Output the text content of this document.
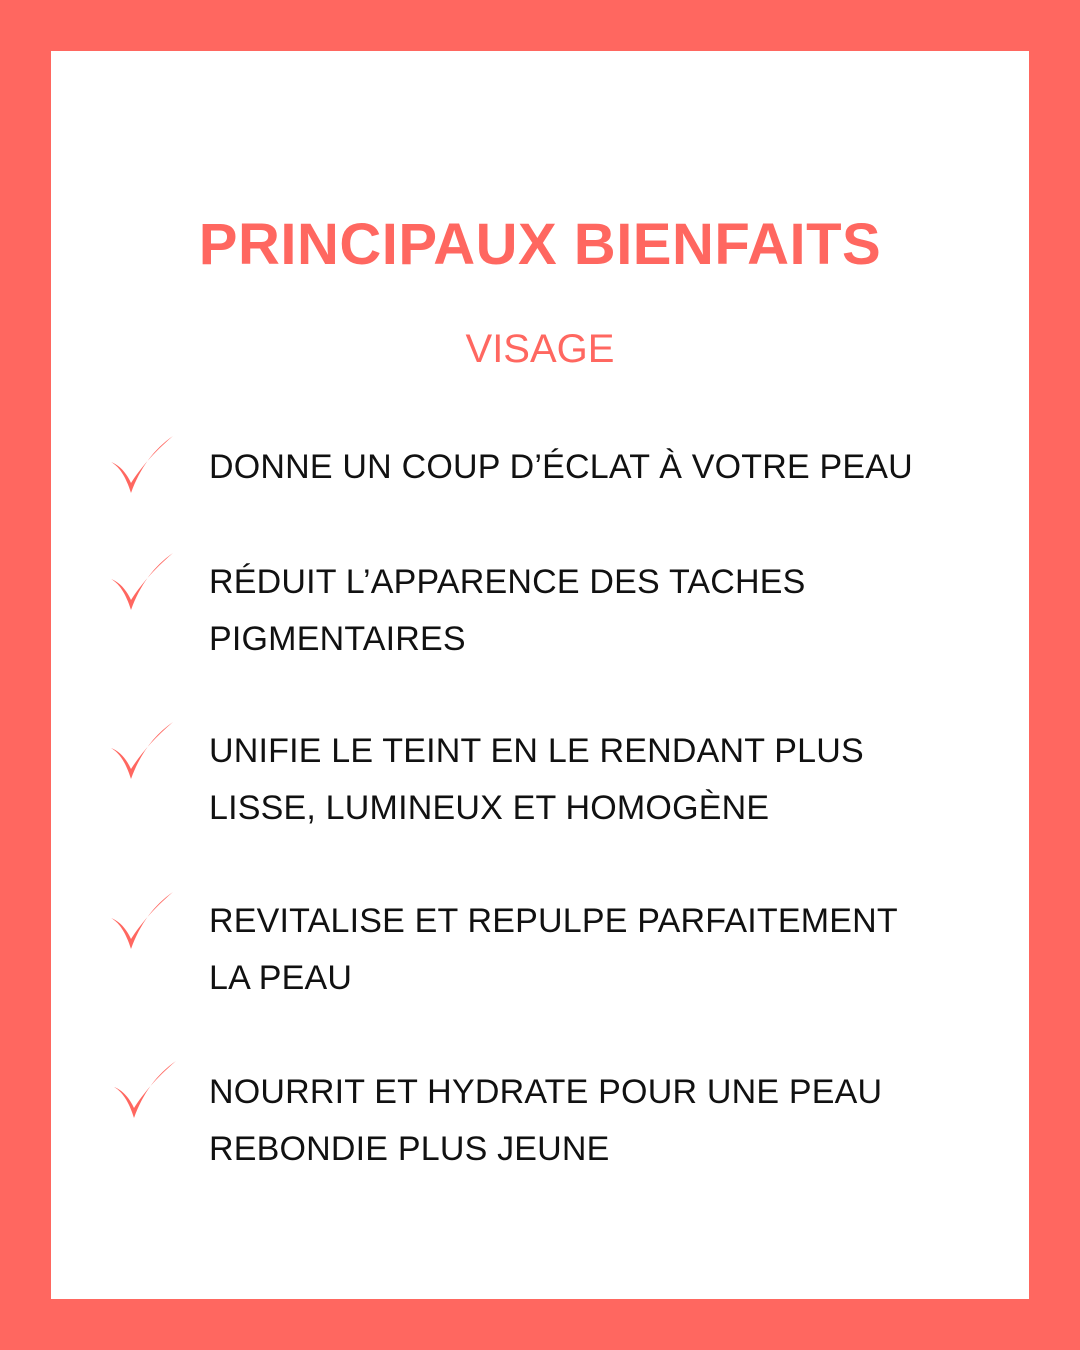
PRINCIPAUX BIENFAITS
VISAGE

DONNE UN COUP D’ÉCLAT À VOTRE PEAU

RÉDUIT L’APPARENCE DES TACHES
PIGMENTAIRES

UNIFIE LE TEINT EN LE RENDANT PLUS
LISSE, LUMINEUX ET HOMOGÈNE

REVITALISE ET REPULPE PARFAITEMENT
LA PEAU

NOURRIT ET HYDRATE POUR UNE PEAU
REBONDIE PLUS JEUNE
